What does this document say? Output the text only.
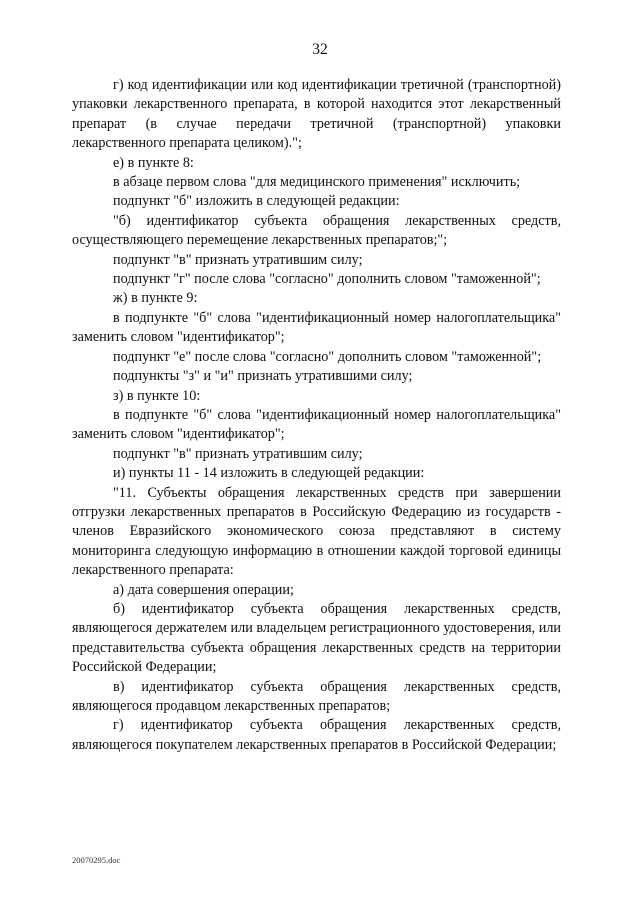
32

г) код идентификации или код идентификации третичной (транспортной) упаковки лекарственного препарата, в которой находится этот лекарственный препарат (в случае передачи третичной (транспортной) упаковки лекарственного препарата целиком).";

е) в пункте 8:

в абзаце первом слова "для медицинского применения" исключить;

подпункт "б" изложить в следующей редакции:

"б) идентификатор субъекта обращения лекарственных средств, осуществляющего перемещение лекарственных препаратов;";

подпункт "в" признать утратившим силу;

подпункт "г" после слова "согласно" дополнить словом "таможенной";

ж) в пункте 9:

в подпункте "б" слова "идентификационный номер налогоплательщика" заменить словом "идентификатор";

подпункт "е" после слова "согласно" дополнить словом "таможенной";

подпункты "з" и "и" признать утратившими силу;

з) в пункте 10:

в подпункте "б" слова "идентификационный номер налогоплательщика" заменить словом "идентификатор";

подпункт "в" признать утратившим силу;

и) пункты 11 - 14 изложить в следующей редакции:

"11. Субъекты обращения лекарственных средств при завершении отгрузки лекарственных препаратов в Российскую Федерацию из государств - членов Евразийского экономического союза представляют в систему мониторинга следующую информацию в отношении каждой торговой единицы лекарственного препарата:

а) дата совершения операции;

б) идентификатор субъекта обращения лекарственных средств, являющегося держателем или владельцем регистрационного удостоверения, или представительства субъекта обращения лекарственных средств на территории Российской Федерации;

в) идентификатор субъекта обращения лекарственных средств, являющегося продавцом лекарственных препаратов;

г) идентификатор субъекта обращения лекарственных средств, являющегося покупателем лекарственных препаратов в Российской Федерации;

20070295.doc
